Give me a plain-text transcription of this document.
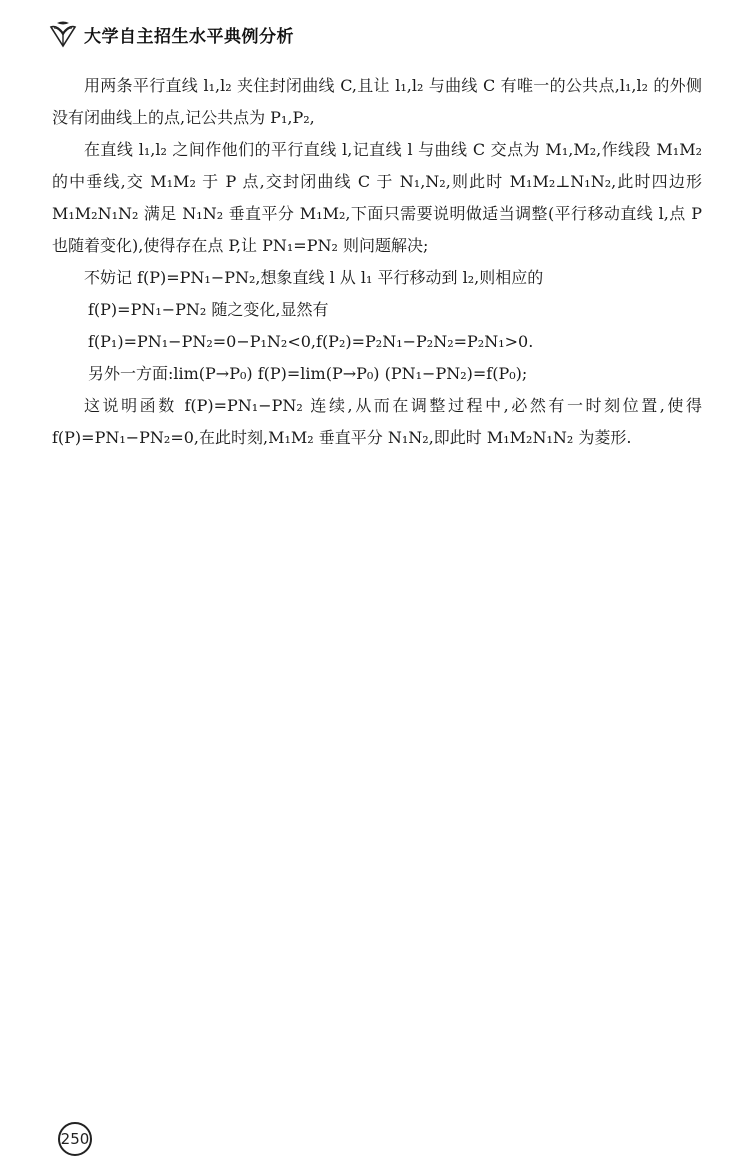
大学自主招生水平典例分析

用两条平行直线 l₁,l₂ 夹住封闭曲线 C,且让 l₁,l₂ 与曲线 C 有唯一的公共点,l₁,l₂ 的外侧没有闭曲线上的点,记公共点为 P₁,P₂,

在直线 l₁,l₂ 之间作他们的平行直线 l,记直线 l 与曲线 C 交点为 M₁,M₂,作线段 M₁M₂ 的中垂线,交 M₁M₂ 于 P 点,交封闭曲线 C 于 N₁,N₂,则此时 M₁M₂⊥N₁N₂,此时四边形 M₁M₂N₁N₂ 满足 N₁N₂ 垂直平分 M₁M₂,下面只需要说明做适当调整(平行移动直线 l,点 P 也随着变化),使得存在点 P,让 PN₁=PN₂ 则问题解决;

不妨记 f(P)=PN₁−PN₂,想象直线 l 从 l₁ 平行移动到 l₂,则相应的

f(P)=PN₁−PN₂ 随之变化,显然有

f(P₁)=PN₁−PN₂=0−P₁N₂<0,f(P₂)=P₂N₁−P₂N₂=P₂N₁>0.

另外一方面:lim(P→P₀) f(P)=lim(P→P₀) (PN₁−PN₂)=f(P₀);

这说明函数 f(P)=PN₁−PN₂ 连续,从而在调整过程中,必然有一时刻位置,使得 f(P)=PN₁−PN₂=0,在此时刻,M₁M₂ 垂直平分 N₁N₂,即此时 M₁M₂N₁N₂ 为菱形.

250
